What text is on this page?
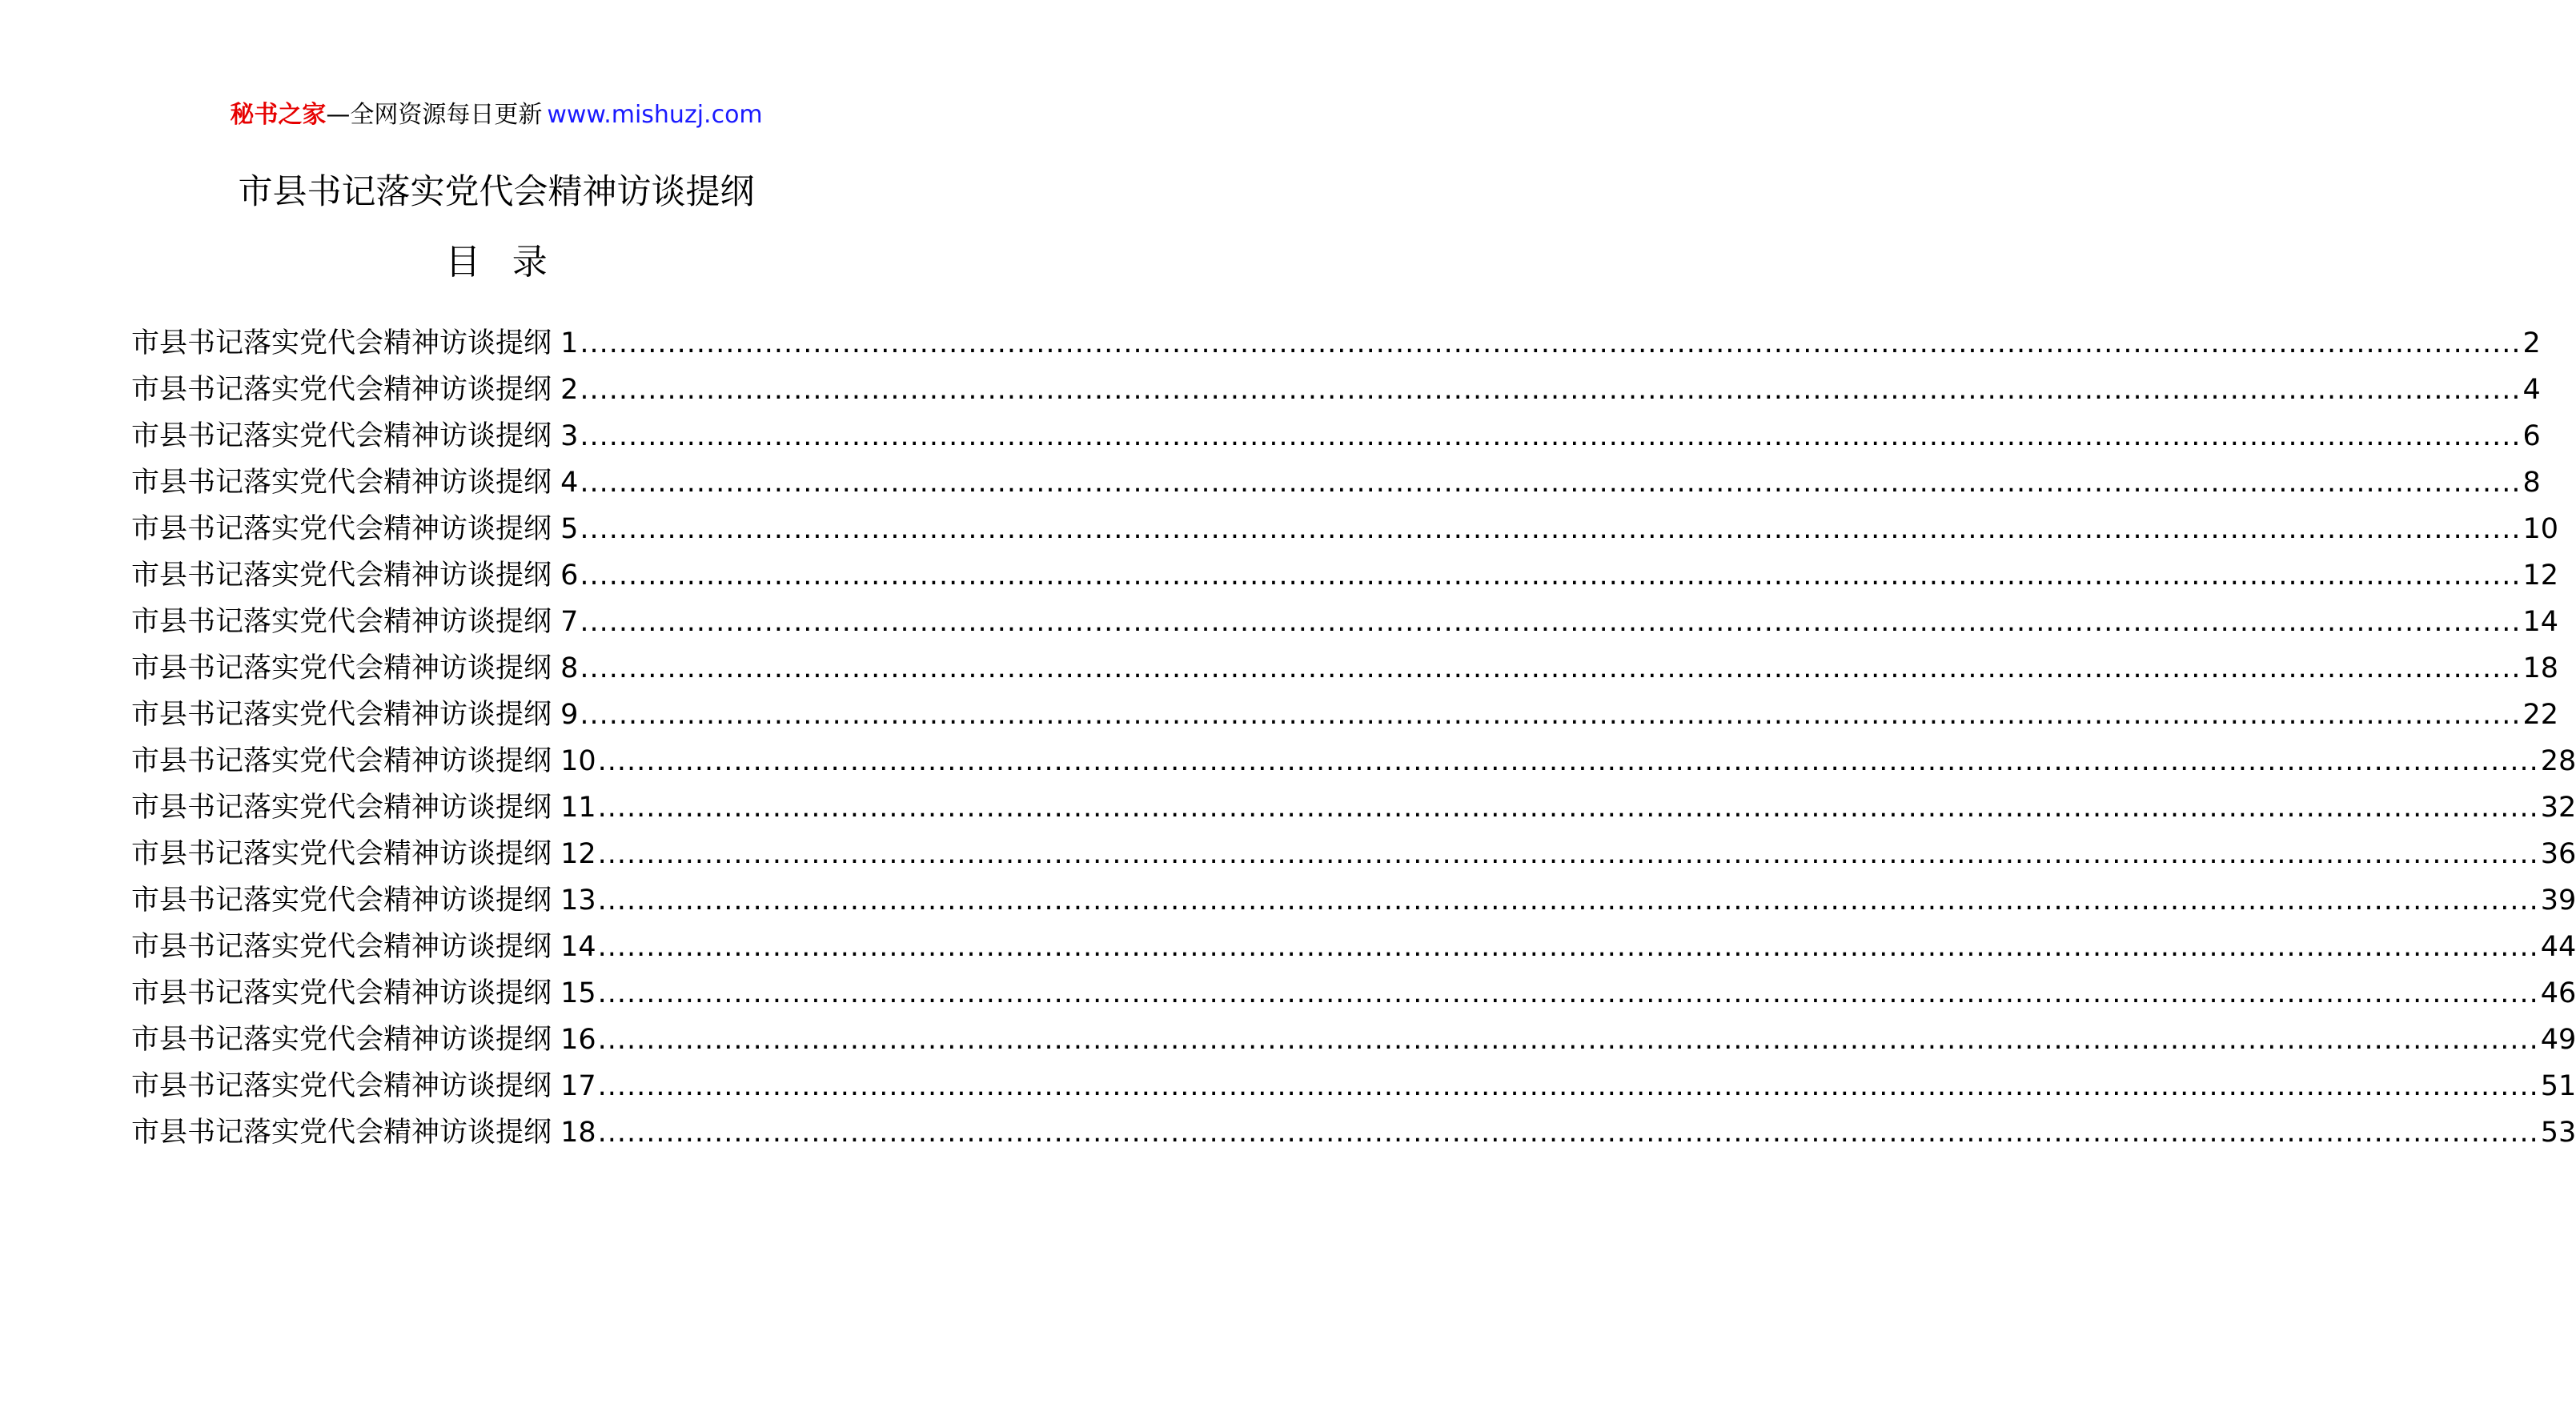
秘书之家—全网资源每日更新 www.mishuzj.com
市县书记落实党代会精神访谈提纲
目录
市县书记落实党代会精神访谈提纲 1 ........................................................................................................................................................................................................ 2
市县书记落实党代会精神访谈提纲 2 ........................................................................................................................................................................................................ 4
市县书记落实党代会精神访谈提纲 3 ........................................................................................................................................................................................................ 6
市县书记落实党代会精神访谈提纲 4 ........................................................................................................................................................................................................ 8
市县书记落实党代会精神访谈提纲 5 ........................................................................................................................................................................................................ 10
市县书记落实党代会精神访谈提纲 6 ........................................................................................................................................................................................................ 12
市县书记落实党代会精神访谈提纲 7 ........................................................................................................................................................................................................ 14
市县书记落实党代会精神访谈提纲 8 ........................................................................................................................................................................................................ 18
市县书记落实党代会精神访谈提纲 9 ........................................................................................................................................................................................................ 22
市县书记落实党代会精神访谈提纲 10 ........................................................................................................................................................................................................ 28
市县书记落实党代会精神访谈提纲 11 ........................................................................................................................................................................................................ 32
市县书记落实党代会精神访谈提纲 12 ........................................................................................................................................................................................................ 36
市县书记落实党代会精神访谈提纲 13 ........................................................................................................................................................................................................ 39
市县书记落实党代会精神访谈提纲 14 ........................................................................................................................................................................................................ 44
市县书记落实党代会精神访谈提纲 15 ........................................................................................................................................................................................................ 46
市县书记落实党代会精神访谈提纲 16 ........................................................................................................................................................................................................ 49
市县书记落实党代会精神访谈提纲 17 ........................................................................................................................................................................................................ 51
市县书记落实党代会精神访谈提纲 18 ........................................................................................................................................................................................................ 53
